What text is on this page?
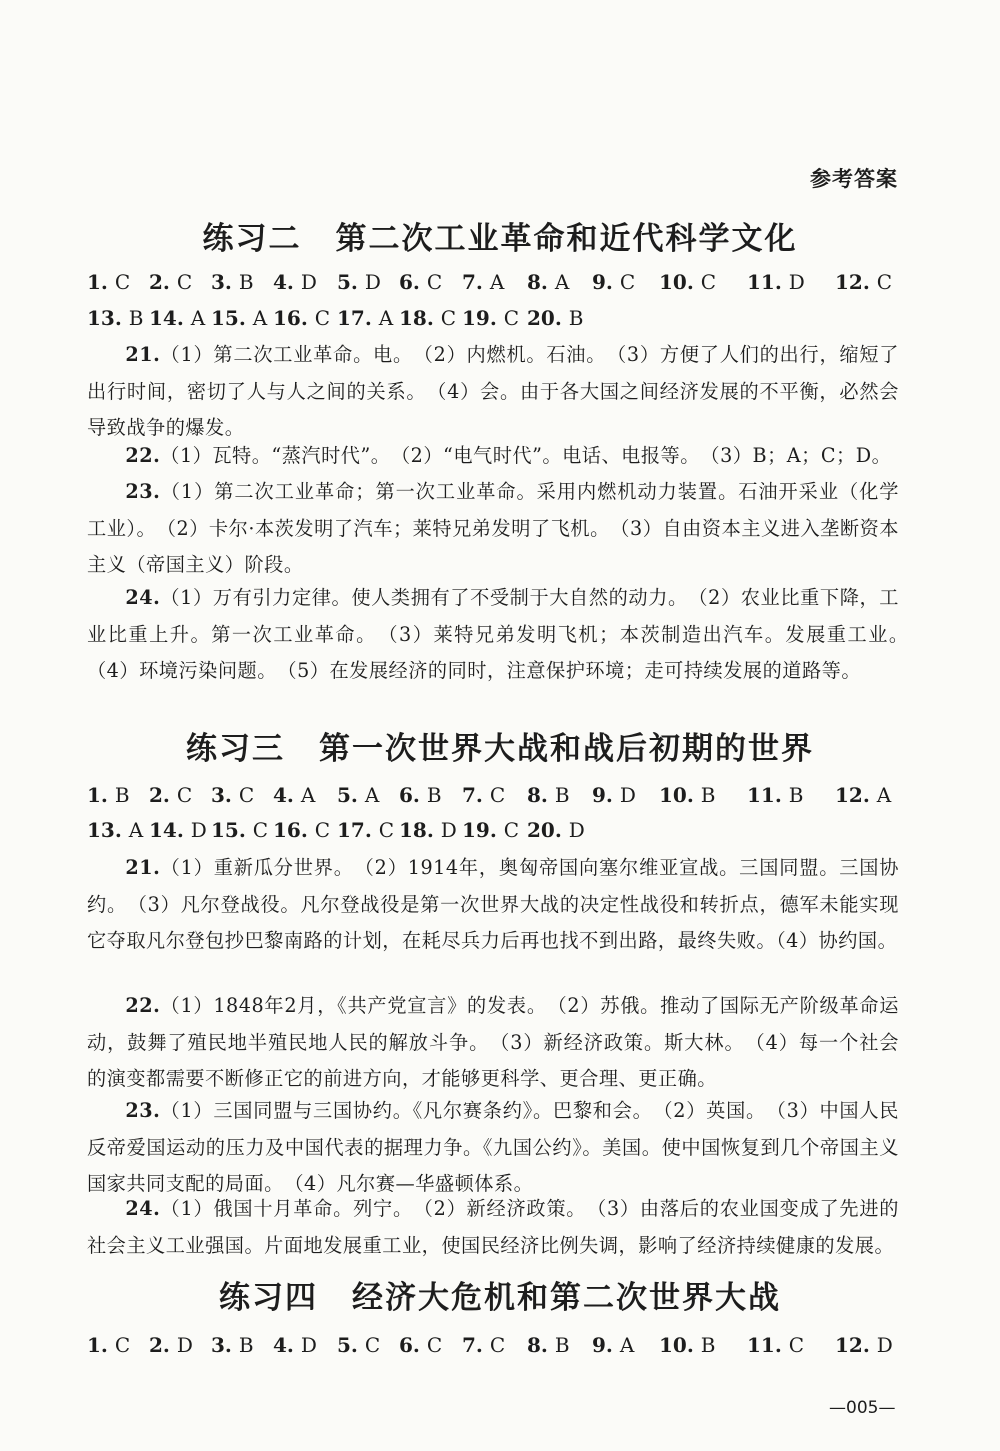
参考答案
练习二 第二次工业革命和近代科学文化
1. C 2. C 3. B 4. D 5. D 6. C 7. A 8. A 9. C 10. C 11. D 12. C
13. B 14. A 15. A 16. C 17. A 18. C 19. C 20. B
21.（1）第二次工业革命。电。　（2）内燃机。石油。　（3）方便了人们的出行，缩短了出行时间，密切了人与人之间的关系。　（4）会。由于各大国之间经济发展的不平衡，必然会导致战争的爆发。
22.（1）瓦特。“蒸汽时代”。　（2）“电气时代”。电话、电报等。　（3）B；A；C；D。
23.（1）第二次工业革命；第一次工业革命。采用内燃机动力装置。石油开采业（化学工业）。　（2）卡尔·本茨发明了汽车；莱特兄弟发明了飞机。　（3）自由资本主义进入垄断资本主义（帝国主义）阶段。
24.（1）万有引力定律。使人类拥有了不受制于大自然的动力。　（2）农业比重下降，工业比重上升。第一次工业革命。　（3）莱特兄弟发明飞机；本茨制造出汽车。发展重工业。　（4）环境污染问题。　（5）在发展经济的同时，注意保护环境；走可持续发展的道路等。
练习三 第一次世界大战和战后初期的世界
1. B 2. C 3. C 4. A 5. A 6. B 7. C 8. B 9. D 10. B 11. B 12. A
13. A 14. D 15. C 16. C 17. C 18. D 19. C 20. D
21.（1）重新瓜分世界。　（2）1914年，奥匈帝国向塞尔维亚宣战。三国同盟。三国协约。　（3）凡尔登战役。凡尔登战役是第一次世界大战的决定性战役和转折点，德军未能实现它夺取凡尔登包抄巴黎南路的计划，在耗尽兵力后再也找不到出路，最终失败。（4）协约国。
22.（1）1848年2月，《共产党宣言》的发表。　（2）苏俄。推动了国际无产阶级革命运动，鼓舞了殖民地半殖民地人民的解放斗争。　（3）新经济政策。斯大林。　（4）每一个社会的演变都需要不断修正它的前进方向，才能够更科学、更合理、更正确。
23.（1）三国同盟与三国协约。《凡尔赛条约》。巴黎和会。　（2）英国。　（3）中国人民反帝爱国运动的压力及中国代表的据理力争。《九国公约》。美国。使中国恢复到几个帝国主义国家共同支配的局面。　（4）凡尔赛—华盛顿体系。
24.（1）俄国十月革命。列宁。　（2）新经济政策。　（3）由落后的农业国变成了先进的社会主义工业强国。片面地发展重工业，使国民经济比例失调，影响了经济持续健康的发展。
练习四 经济大危机和第二次世界大战
1. C 2. D 3. B 4. D 5. C 6. C 7. C 8. B 9. A 10. B 11. C 12. D
—005—
